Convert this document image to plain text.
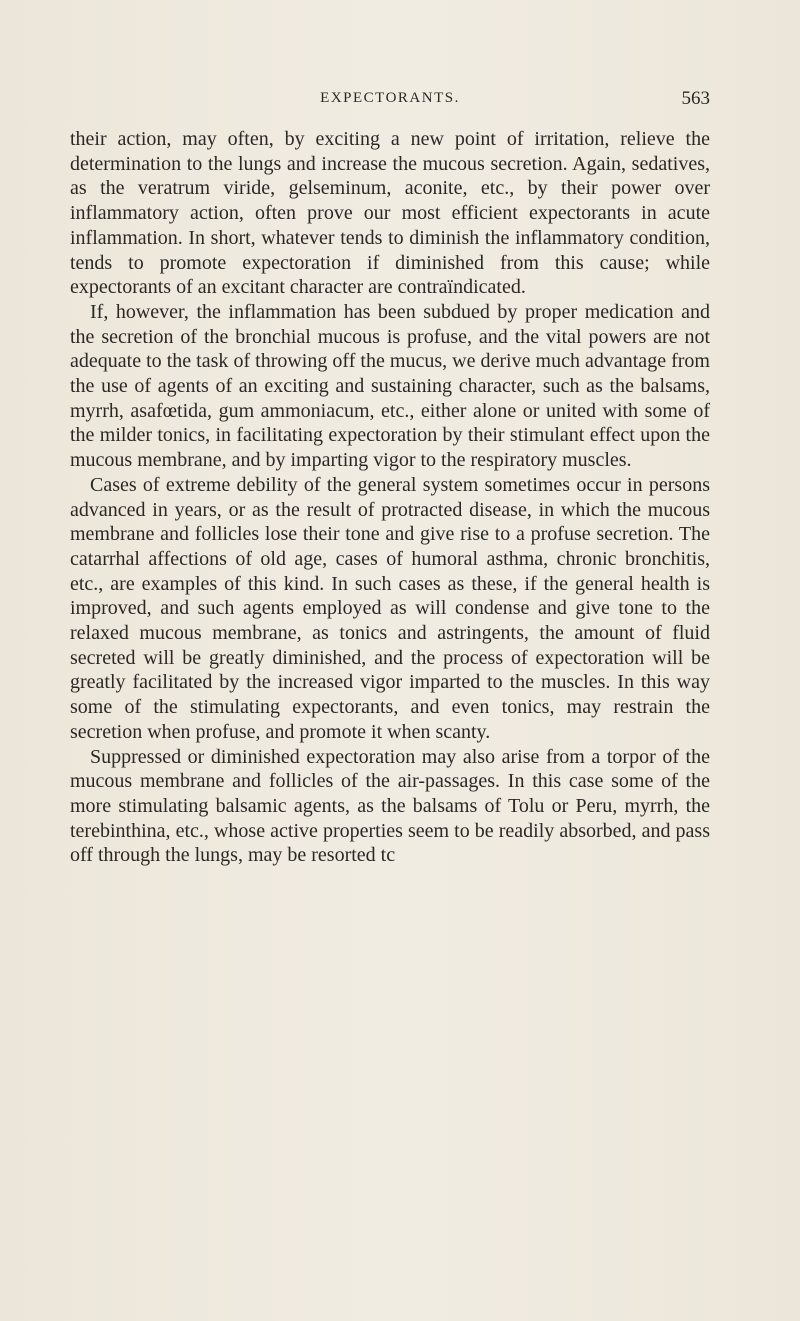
EXPECTORANTS.	563

their action, may often, by exciting a new point of irritation, relieve the determination to the lungs and increase the mucous secretion. Again, sedatives, as the veratrum viride, gelseminum, aconite, etc., by their power over inflammatory action, often prove our most efficient expectorants in acute inflammation. In short, whatever tends to diminish the inflammatory condition, tends to promote expectoration if diminished from this cause; while expectorants of an excitant character are contraïndicated.

If, however, the inflammation has been subdued by proper medication and the secretion of the bronchial mucous is profuse, and the vital powers are not adequate to the task of throwing off the mucus, we derive much advantage from the use of agents of an exciting and sustaining character, such as the balsams, myrrh, asafœtida, gum ammoniacum, etc., either alone or united with some of the milder tonics, in facilitating expectoration by their stimulant effect upon the mucous membrane, and by imparting vigor to the respiratory muscles.

Cases of extreme debility of the general system sometimes occur in persons advanced in years, or as the result of protracted disease, in which the mucous membrane and follicles lose their tone and give rise to a profuse secretion. The catarrhal affections of old age, cases of humoral asthma, chronic bronchitis, etc., are examples of this kind. In such cases as these, if the general health is improved, and such agents employed as will condense and give tone to the relaxed mucous membrane, as tonics and astringents, the amount of fluid secreted will be greatly diminished, and the process of expectoration will be greatly facilitated by the increased vigor imparted to the muscles. In this way some of the stimulating expectorants, and even tonics, may restrain the secretion when profuse, and promote it when scanty.

Suppressed or diminished expectoration may also arise from a torpor of the mucous membrane and follicles of the air-passages. In this case some of the more stimulating balsamic agents, as the balsams of Tolu or Peru, myrrh, the terebinthina, etc., whose active properties seem to be readily absorbed, and pass off through the lungs, may be resorted tc
